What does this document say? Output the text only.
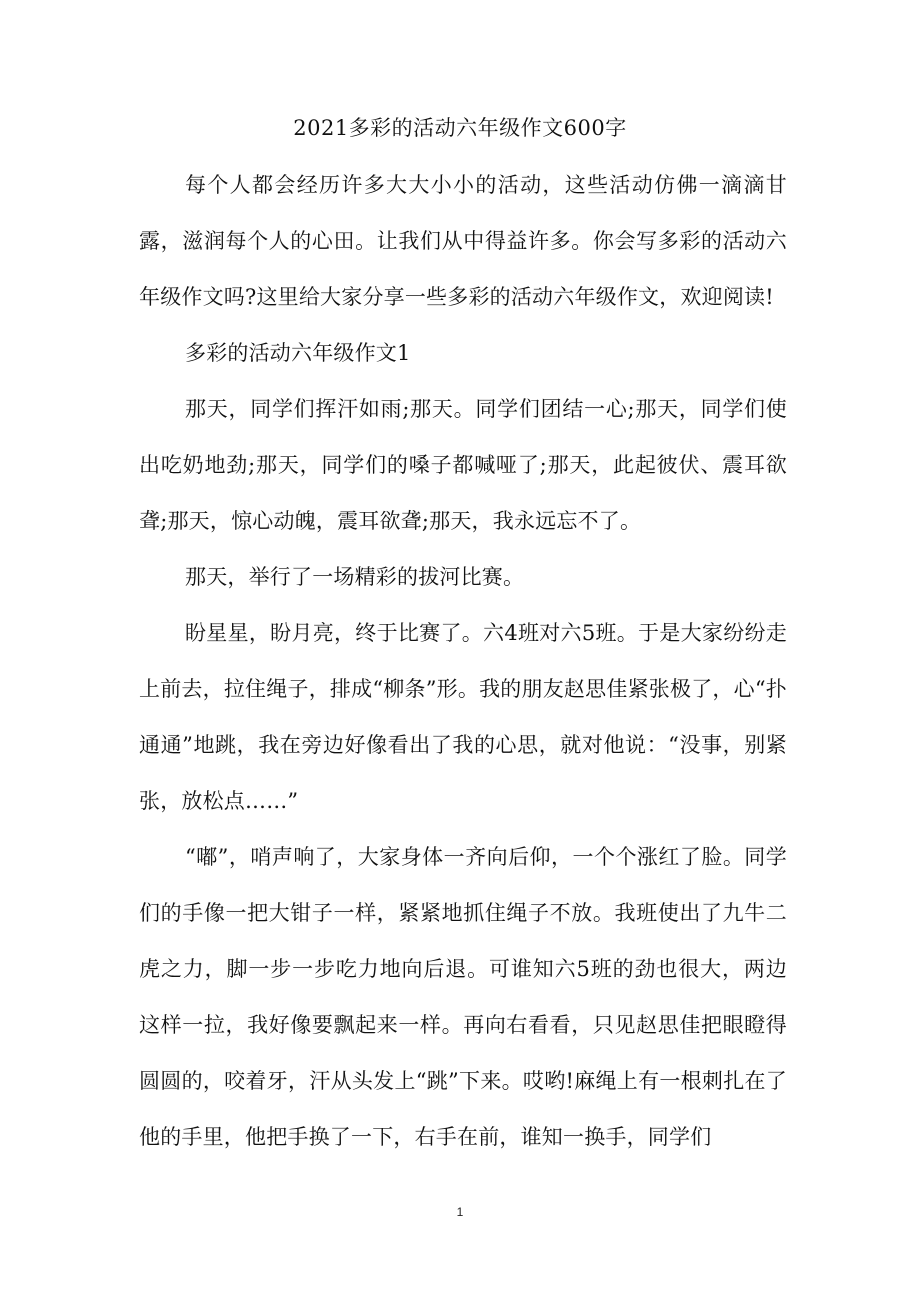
2021多彩的活动六年级作文600字

每个人都会经历许多大大小小的活动，这些活动仿佛一滴滴甘露，滋润每个人的心田。让我们从中得益许多。你会写多彩的活动六年级作文吗?这里给大家分享一些多彩的活动六年级作文，欢迎阅读!

多彩的活动六年级作文1

那天，同学们挥汗如雨;那天。同学们团结一心;那天，同学们使出吃奶地劲;那天，同学们的嗓子都喊哑了;那天，此起彼伏、震耳欲聋;那天，惊心动魄，震耳欲聋;那天，我永远忘不了。

那天，举行了一场精彩的拔河比赛。

盼星星，盼月亮，终于比赛了。六4班对六5班。于是大家纷纷走上前去，拉住绳子，排成“柳条”形。我的朋友赵思佳紧张极了，心“扑通通”地跳，我在旁边好像看出了我的心思，就对他说：“没事，别紧张，放松点……”

“嘟”，哨声响了，大家身体一齐向后仰，一个个涨红了脸。同学们的手像一把大钳子一样，紧紧地抓住绳子不放。我班使出了九牛二虎之力，脚一步一步吃力地向后退。可谁知六5班的劲也很大，两边这样一拉，我好像要飘起来一样。再向右看看，只见赵思佳把眼瞪得圆圆的，咬着牙，汗从头发上“跳”下来。哎哟!麻绳上有一根刺扎在了他的手里，他把手换了一下，右手在前，谁知一换手，同学们

1
